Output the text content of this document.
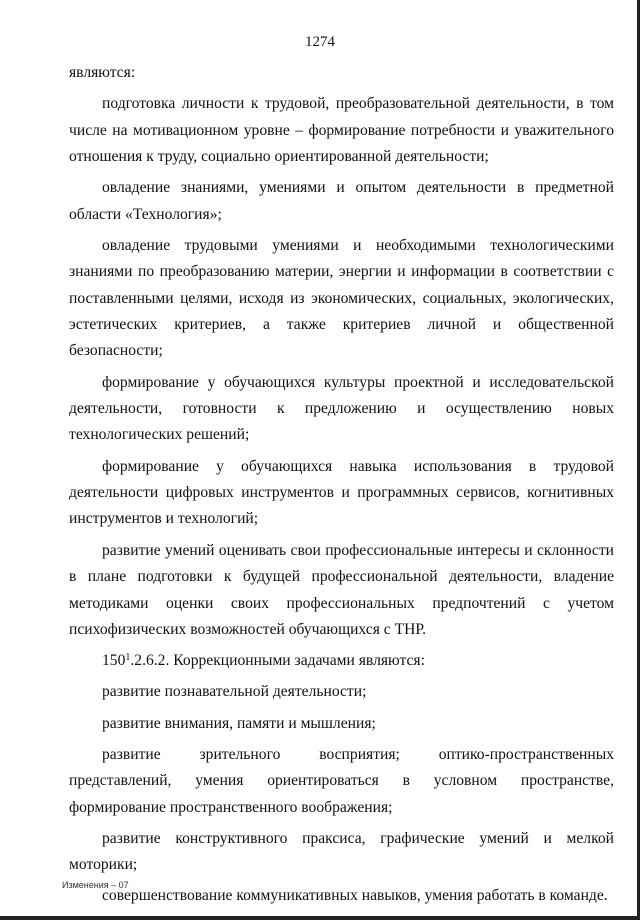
1274

являются:

подготовка личности к трудовой, преобразовательной деятельности, в том числе на мотивационном уровне – формирование потребности и уважительного отношения к труду, социально ориентированной деятельности;

овладение знаниями, умениями и опытом деятельности в предметной области «Технология»;

овладение трудовыми умениями и необходимыми технологическими знаниями по преобразованию материи, энергии и информации в соответствии с поставленными целями, исходя из экономических, социальных, экологических, эстетических критериев, а также критериев личной и общественной безопасности;

формирование у обучающихся культуры проектной и исследовательской деятельности, готовности к предложению и осуществлению новых технологических решений;

формирование у обучающихся навыка использования в трудовой деятельности цифровых инструментов и программных сервисов, когнитивных инструментов и технологий;

развитие умений оценивать свои профессиональные интересы и склонности в плане подготовки к будущей профессиональной деятельности, владение методиками оценки своих профессиональных предпочтений с учетом психофизических возможностей обучающихся с ТНР.

$150^1.2.6.2$. Коррекционными задачами являются:

развитие познавательной деятельности;

развитие внимания, памяти и мышления;

развитие зрительного восприятия; оптико-пространственных представлений, умения ориентироваться в условном пространстве, формирование пространственного воображения;

развитие конструктивного праксиса, графические умений и мелкой моторики;

совершенствование коммуникативных навыков, умения работать в команде.

Изменения – 07
